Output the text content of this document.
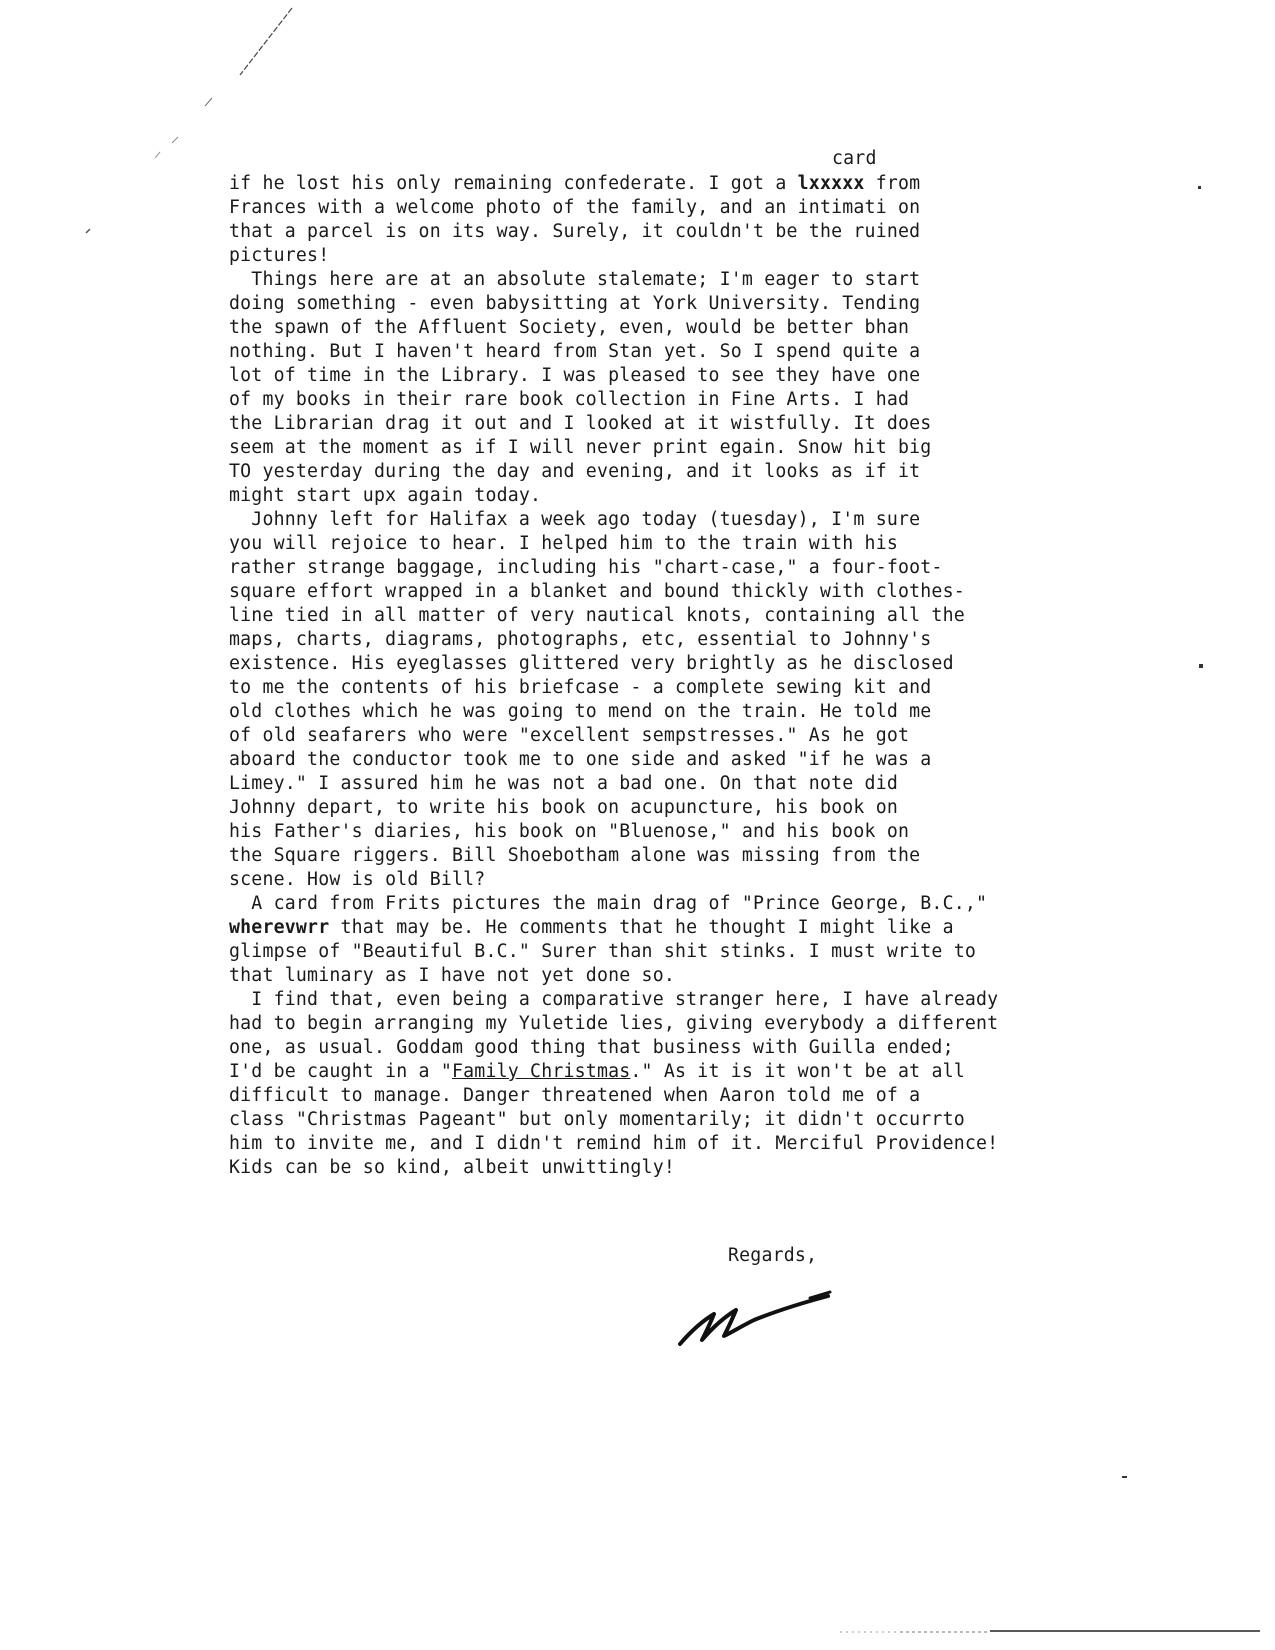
card
if he lost his only remaining confederate. I got a lxxxxx from
Frances with a welcome photo of the family, and an intimati on
that a parcel is on its way. Surely, it couldn't be the ruined
pictures!
Things here are at an absolute stalemate; I'm eager to start
doing something - even babysitting at York University. Tending
the spawn of the Affluent Society, even, would be better bhan
nothing. But I haven't heard from Stan yet. So I spend quite a
lot of time in the Library. I was pleased to see they have one
of my books in their rare book collection in Fine Arts. I had
the Librarian drag it out and I looked at it wistfully. It does
seem at the moment as if I will never print egain. Snow hit big
TO yesterday during the day and evening, and it looks as if it
might start upx again today.
Johnny left for Halifax a week ago today (tuesday), I'm sure
you will rejoice to hear. I helped him to the train with his
rather strange baggage, including his "chart-case," a four-foot-
square effort wrapped in a blanket and bound thickly with clothes-
line tied in all matter of very nautical knots, containing all the
maps, charts, diagrams, photographs, etc, essential to Johnny's
existence. His eyeglasses glittered very brightly as he disclosed
to me the contents of his briefcase - a complete sewing kit and
old clothes which he was going to mend on the train. He told me
of old seafarers who were "excellent sempstresses." As he got
aboard the conductor took me to one side and asked "if he was a
Limey." I assured him he was not a bad one. On that note did
Johnny depart, to write his book on acupuncture, his book on
his Father's diaries, his book on "Bluenose," and his book on
the Square riggers. Bill Shoebotham alone was missing from the
scene. How is old Bill?
A card from Frits pictures the main drag of "Prince George, B.C.,"
wherevwrr that may be. He comments that he thought I might like a
glimpse of "Beautiful B.C." Surer than shit stinks. I must write to
that luminary as I have not yet done so.
I find that, even being a comparative stranger here, I have already
had to begin arranging my Yuletide lies, giving everybody a different
one, as usual. Goddam good thing that business with Guilla ended;
I'd be caught in a "Family Christmas." As it is it won't be at all
difficult to manage. Danger threatened when Aaron told me of a
class "Christmas Pageant" but only momentarily; it didn't occurrto
him to invite me, and I didn't remind him of it. Merciful Providence!
Kids can be so kind, albeit unwittingly!
Regards,
